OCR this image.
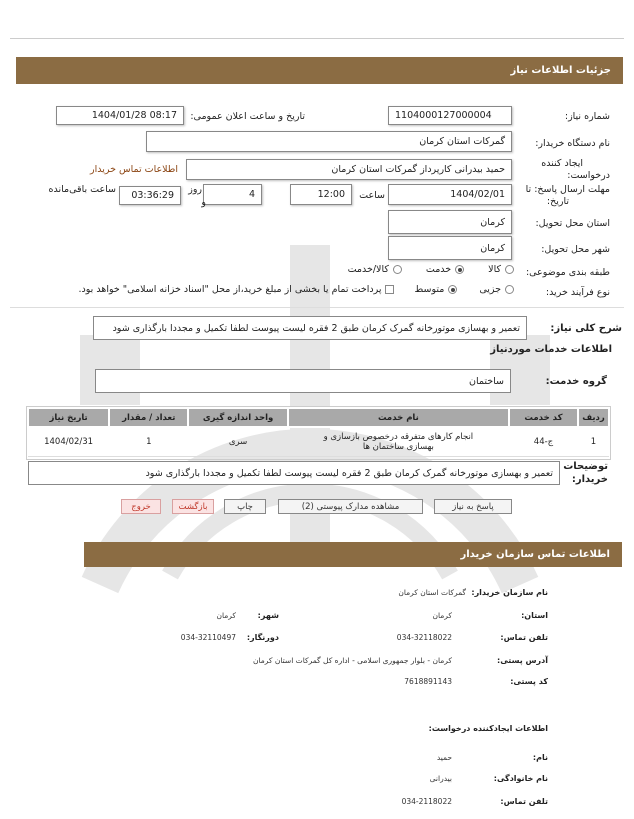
جزئیات اطلاعات نیاز
شماره نیاز:
1104000127000004
تاریخ و ساعت اعلان عمومی:
1404/01/28 08:17
نام دستگاه خریدار:
گمرکات استان کرمان
ایجاد کننده
درخواست:
حمید بیدرانی کارپرداز گمرکات استان کرمان
اطلاعات تماس خریدار
مهلت ارسال پاسخ: تا
تاریخ:
1404/02/01
ساعت
12:00
4
روز
و
03:36:29
ساعت باقی‌مانده
استان محل تحویل:
کرمان
شهر محل تحویل:
کرمان
طبقه بندی موضوعی:
کالا
خدمت
کالا/خدمت
نوع فرآیند خرید:
جزیی
متوسط
پرداخت تمام یا بخشی از مبلغ خرید،از محل "اسناد خزانه اسلامی" خواهد بود.
شرح کلی نیاز:
تعمیر و بهسازی موتورخانه گمرک کرمان طبق 2 فقره لیست پیوست لطفا تکمیل و مجددا بارگذاری شود
اطلاعات خدمات موردنیاز
گروه خدمت:
ساختمان
ردیف	کد خدمت	نام خدمت	واحد اندازه گیری	تعداد / مقدار	تاریخ نیاز
1	ج-44	انجام کارهای متفرقه درخصوص بازسازی و
بهسازی ساختمان ها	سری	1	1404/02/31
توضیحات
خریدار:
تعمیر و بهسازی موتورخانه گمرک کرمان طبق 2 فقره لیست پیوست لطفا تکمیل و مجددا بارگذاری شود
پاسخ به نیاز
مشاهده مدارک پیوستی (2)
چاپ
بازگشت
خروج
اطلاعات تماس سازمان خریدار
نام سازمان خریدار:
گمرکات استان کرمان
استان:
کرمان
شهر:
کرمان
تلفن تماس:
034-32118022
دورنگار:
034-32110497
آدرس پستی:
کرمان - بلوار جمهوری اسلامی - اداره کل گمرکات استان کرمان
کد پستی:
7618891143
اطلاعات ایجادکننده درخواست:
نام:
حمید
نام خانوادگی:
بیدرانی
تلفن تماس:
034-2118022
